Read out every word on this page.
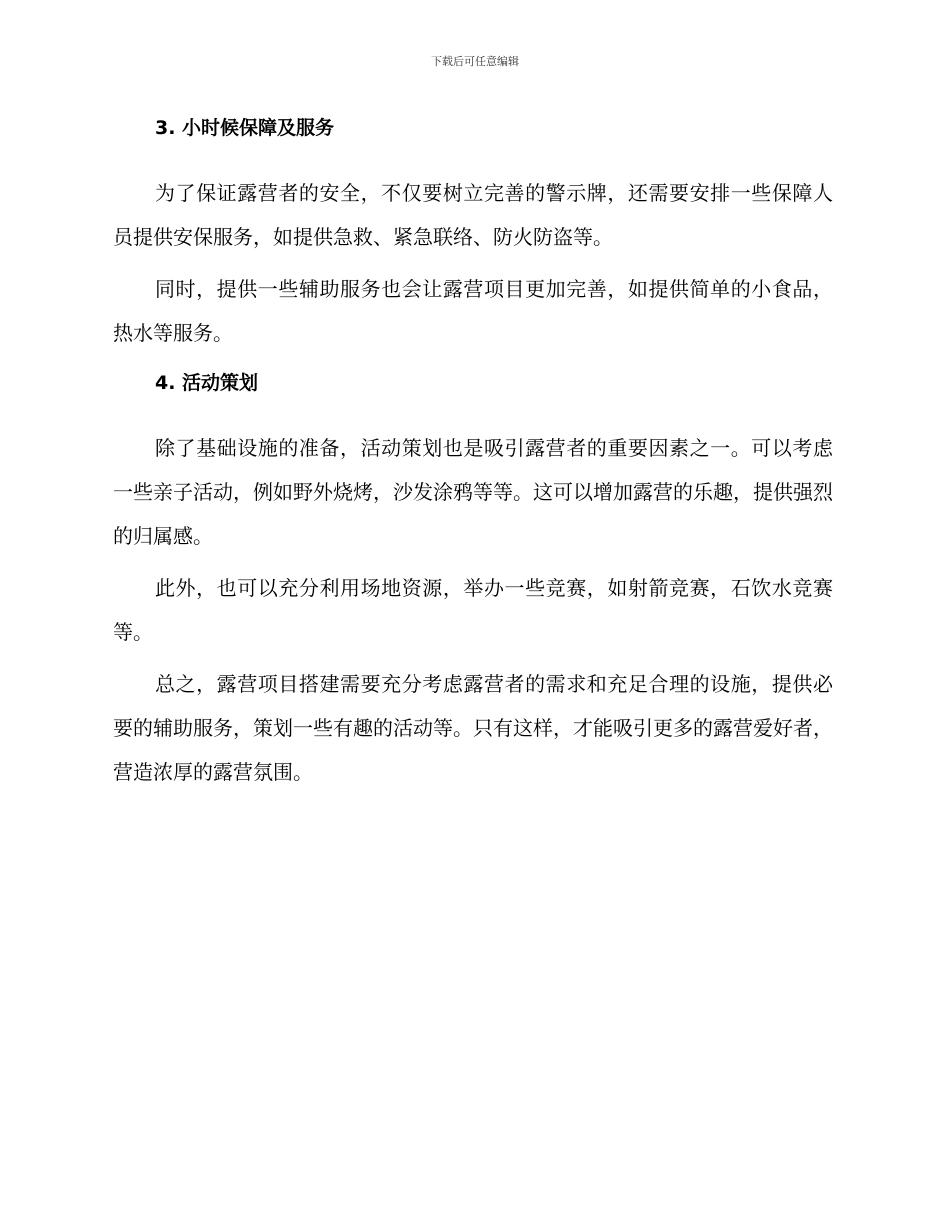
下载后可任意编辑
3. 小时候保障及服务

为了保证露营者的安全，不仅要树立完善的警示牌，还需要安排一些保障人员提供安保服务，如提供急救、紧急联络、防火防盗等。

同时，提供一些辅助服务也会让露营项目更加完善，如提供简单的小食品，热水等服务。

4. 活动策划

除了基础设施的准备，活动策划也是吸引露营者的重要因素之一。可以考虑一些亲子活动，例如野外烧烤，沙发涂鸦等等。这可以增加露营的乐趣，提供强烈的归属感。

此外，也可以充分利用场地资源，举办一些竞赛，如射箭竞赛，石饮水竞赛等。

总之，露营项目搭建需要充分考虑露营者的需求和充足合理的设施，提供必要的辅助服务，策划一些有趣的活动等。只有这样，才能吸引更多的露营爱好者，营造浓厚的露营氛围。
